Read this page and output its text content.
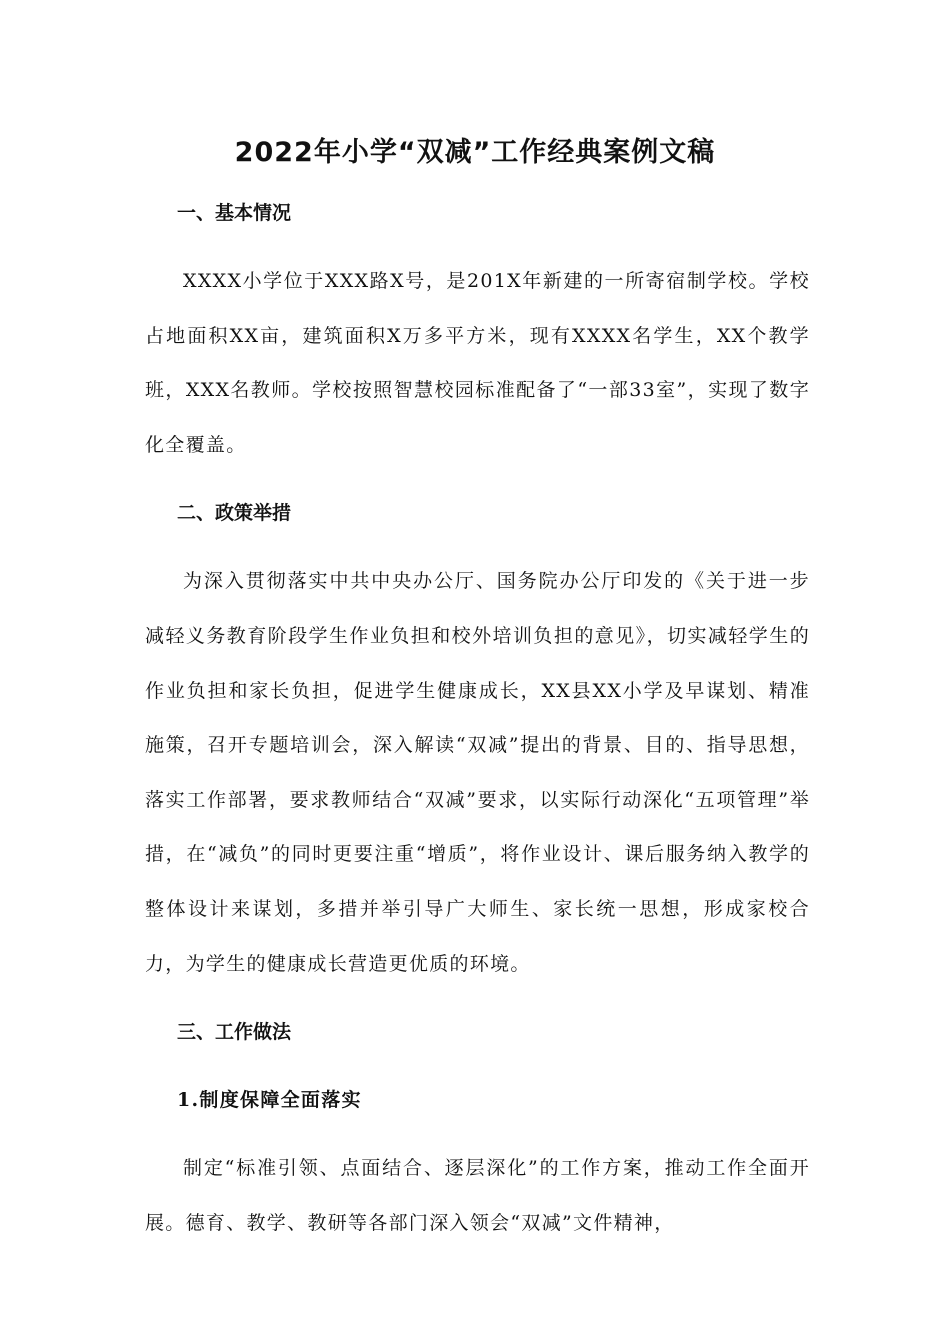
2022年小学“双减”工作经典案例文稿
一、基本情况

XXXX小学位于XXX路X号，是201X年新建的一所寄宿制学校。学校占地面积XX亩，建筑面积X万多平方米，现有XXXX名学生，XX个教学班，XXX名教师。学校按照智慧校园标准配备了“一部33室”，实现了数字化全覆盖。

二、政策举措

为深入贯彻落实中共中央办公厅、国务院办公厅印发的《关于进一步减轻义务教育阶段学生作业负担和校外培训负担的意见》，切实减轻学生的作业负担和家长负担，促进学生健康成长，XX县XX小学及早谋划、精准施策，召开专题培训会，深入解读“双减”提出的背景、目的、指导思想，落实工作部署，要求教师结合“双减”要求，以实际行动深化“五项管理”举措，在“减负”的同时更要注重“增质”，将作业设计、课后服务纳入教学的整体设计来谋划，多措并举引导广大师生、家长统一思想，形成家校合力，为学生的健康成长营造更优质的环境。

三、工作做法
1.制度保障全面落实

制定“标准引领、点面结合、逐层深化”的工作方案，推动工作全面开展。德育、教学、教研等各部门深入领会“双减”文件精神，
